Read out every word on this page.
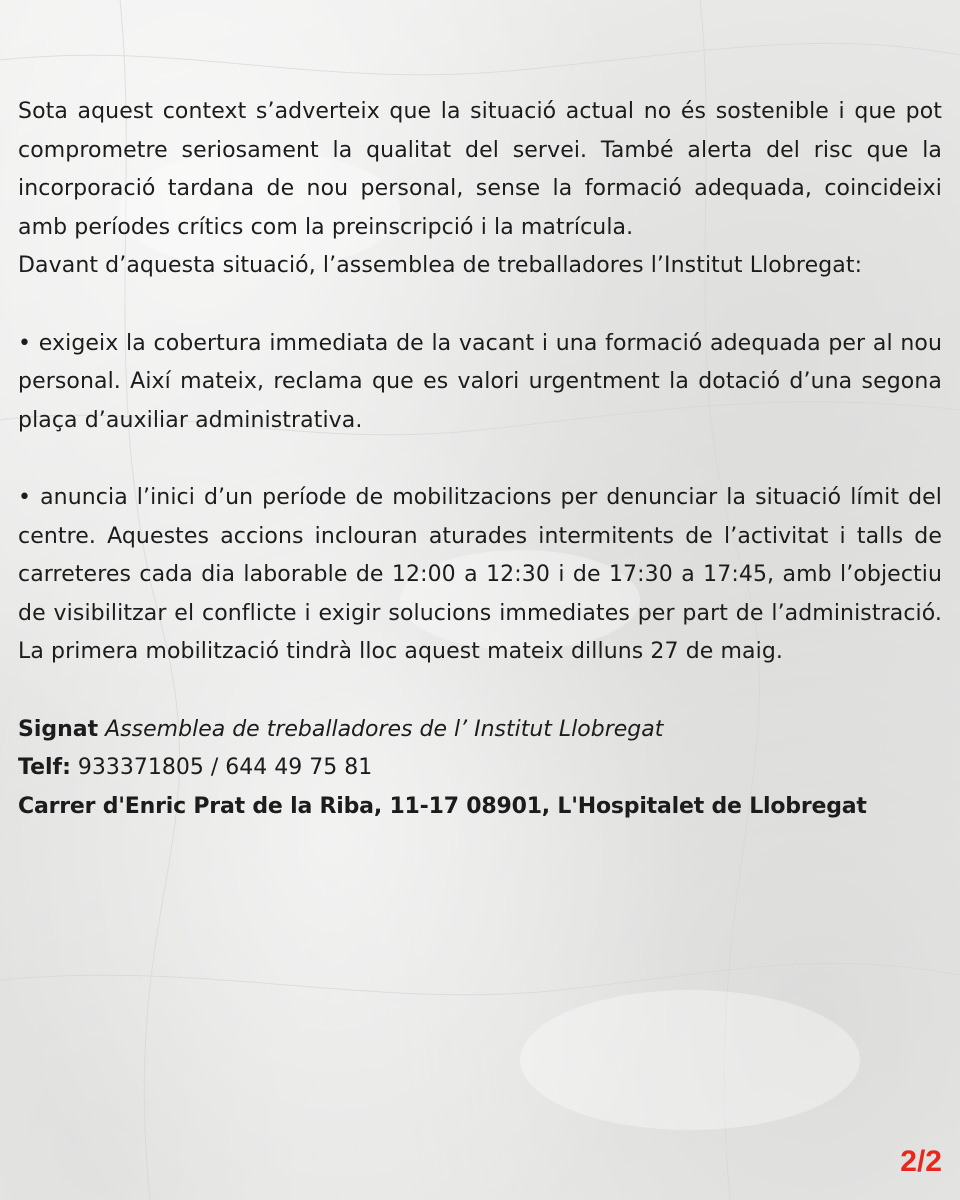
Sota aquest context s’adverteix que la situació actual no és sostenible i que pot comprometre seriosament la qualitat del servei. També alerta del risc que la incorporació tardana de nou personal, sense la formació adequada, coincideixi amb períodes crítics com la preinscripció i la matrícula.

Davant d’aquesta situació, l’assemblea de treballadores l’Institut Llobregat:

• exigeix la cobertura immediata de la vacant i una formació adequada per al nou personal. Així mateix, reclama que es valori urgentment la dotació d’una segona plaça d’auxiliar administrativa.

• anuncia l’inici d’un període de mobilitzacions per denunciar la situació límit del centre. Aquestes accions inclouran aturades intermitents de l’activitat i talls de carreteres cada dia laborable de 12:00 a 12:30 i de 17:30 a 17:45, amb l’objectiu de visibilitzar el conflicte i exigir solucions immediates per part de l’administració. La primera mobilització tindrà lloc aquest mateix dilluns 27 de maig.

Signat Assemblea de treballadores de l’ Institut Llobregat

Telf: 933371805 / 644 49 75 81

Carrer d'Enric Prat de la Riba, 11-17 08901, L'Hospitalet de Llobregat

2/2
